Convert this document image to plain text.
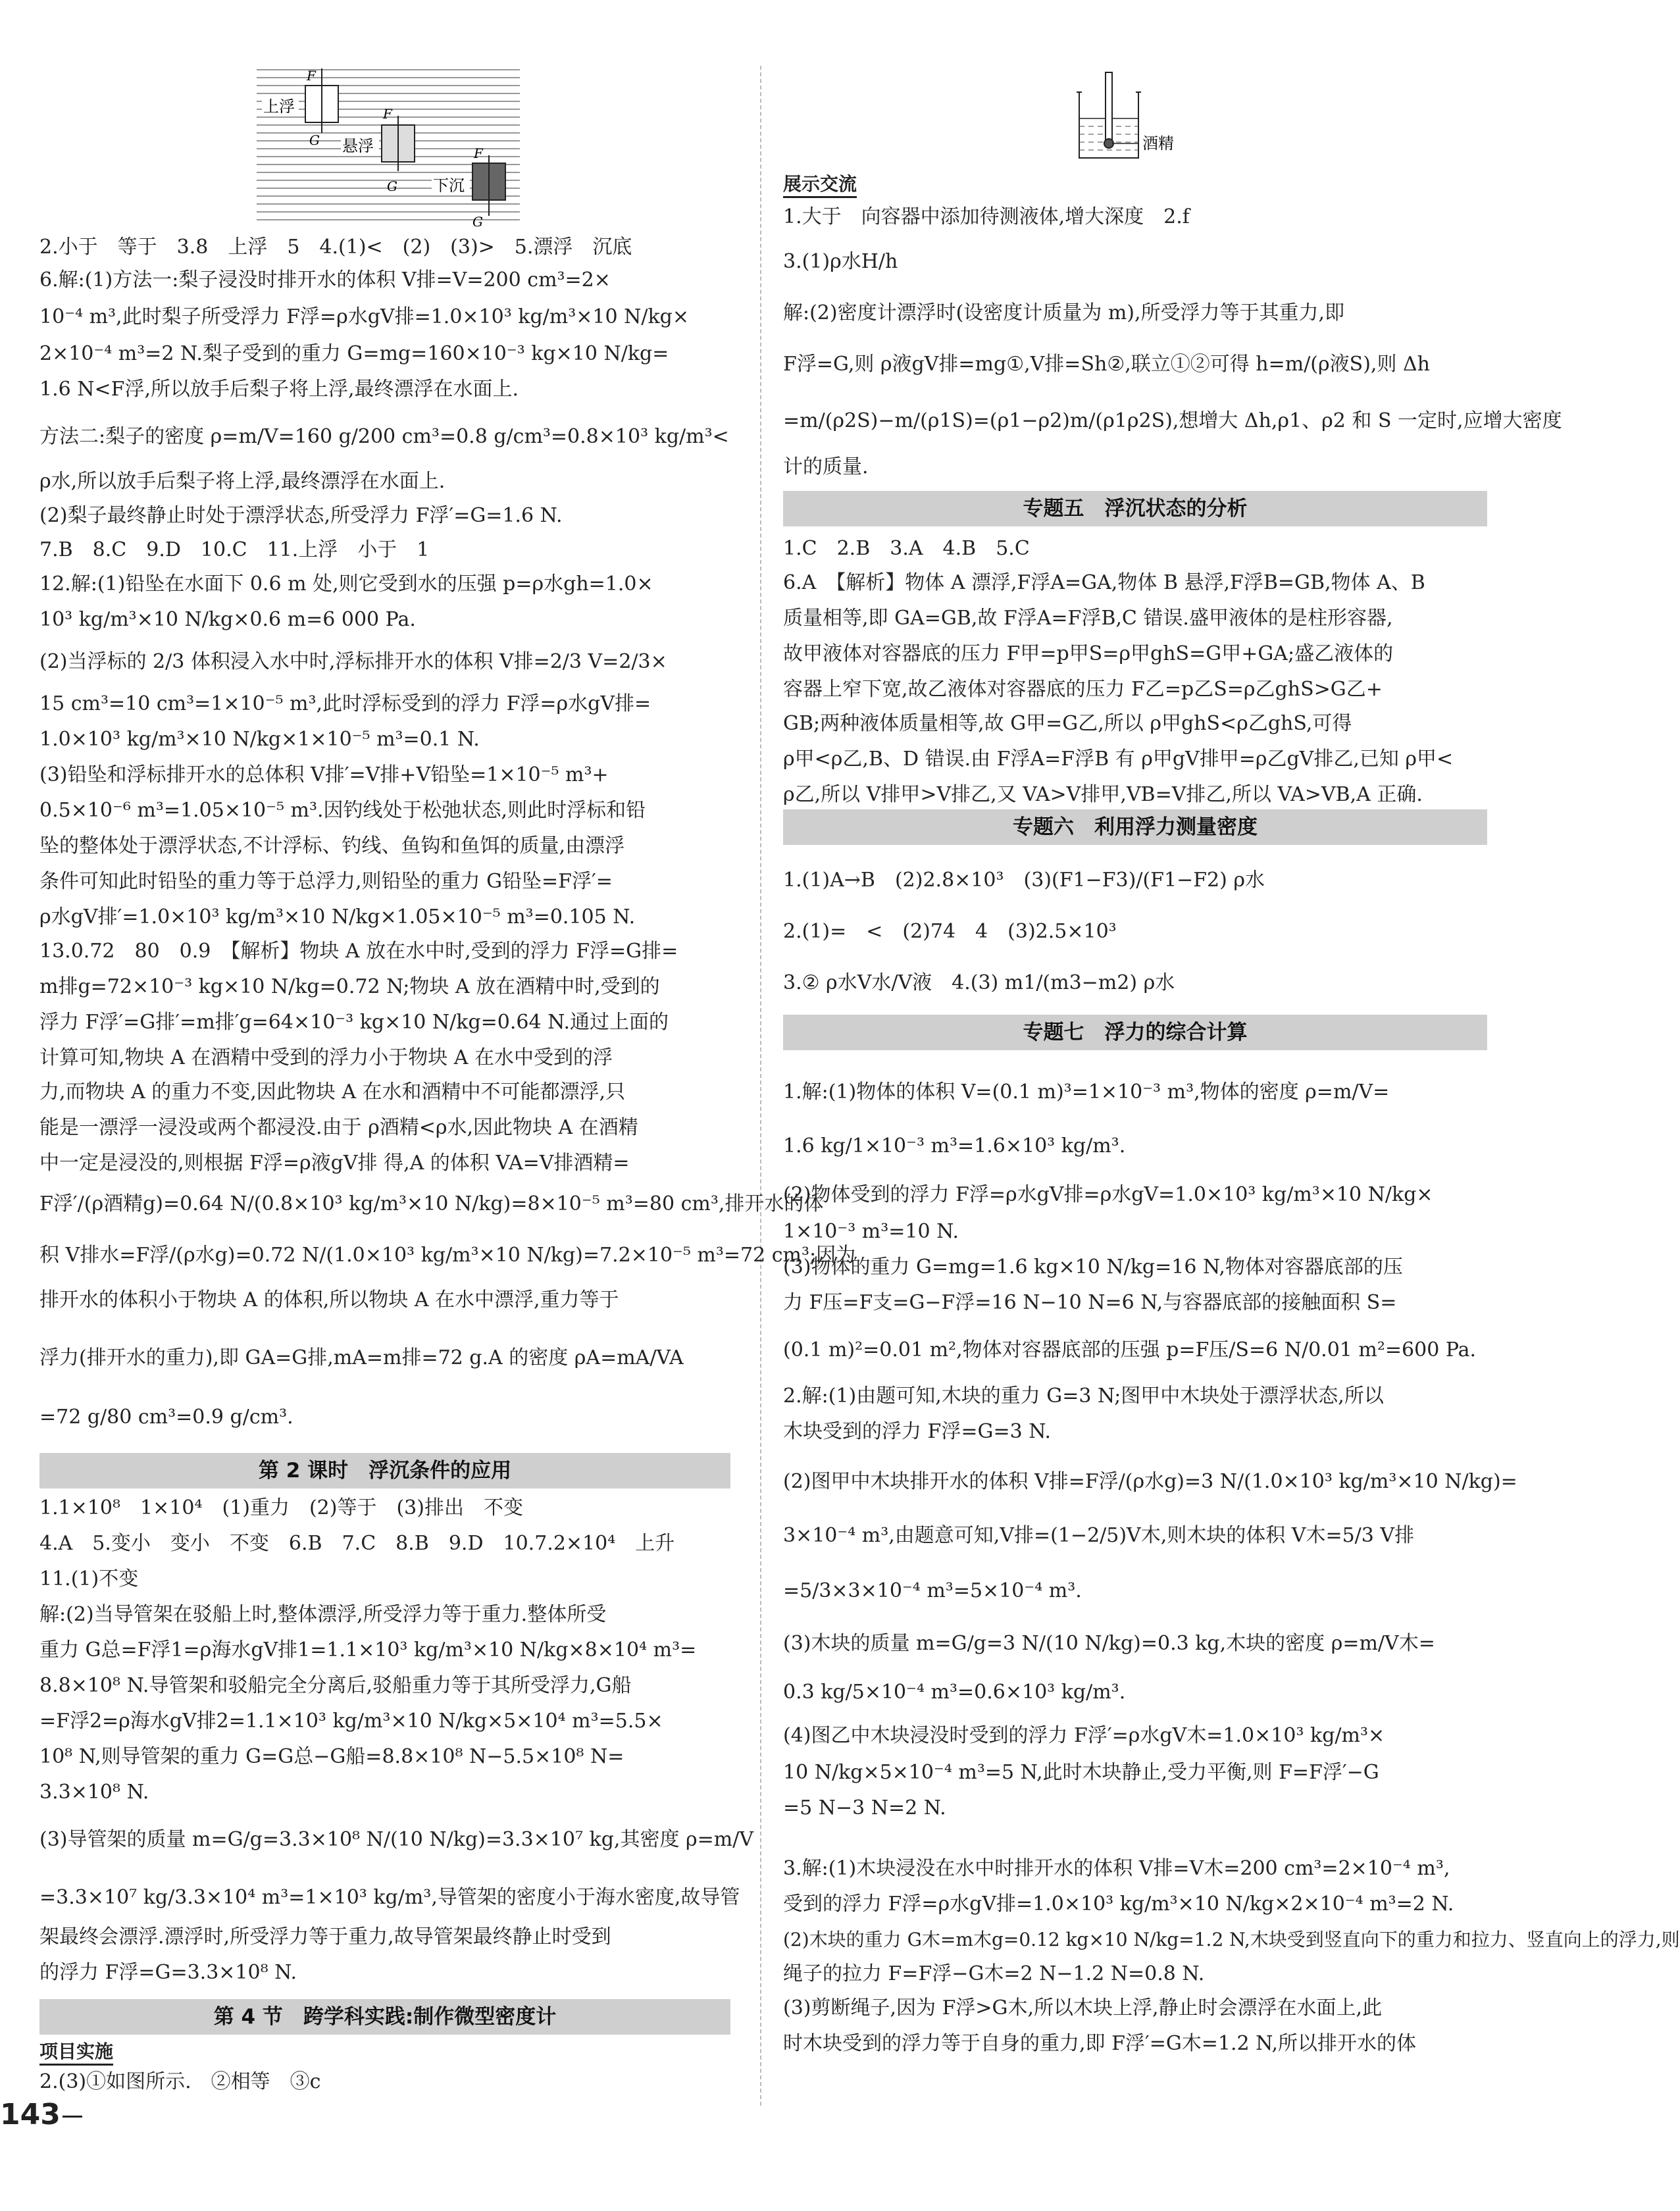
上浮
悬浮
下沉
F
G
F
G
F
G
酒精
2.小于　等于　3.8　上浮　5　4.(1)<　(2)　(3)>　5.漂浮　沉底
6.解:(1)方法一:梨子浸没时排开水的体积 V排=V=200 cm³=2×
10⁻⁴ m³,此时梨子所受浮力 F浮=ρ水gV排=1.0×10³ kg/m³×10 N/kg×
2×10⁻⁴ m³=2 N.梨子受到的重力 G=mg=160×10⁻³ kg×10 N/kg=
1.6 N<F浮,所以放手后梨子将上浮,最终漂浮在水面上.
方法二:梨子的密度 ρ=m/V=160 g/200 cm³=0.8 g/cm³=0.8×10³ kg/m³<
ρ水,所以放手后梨子将上浮,最终漂浮在水面上.
(2)梨子最终静止时处于漂浮状态,所受浮力 F浮′=G=1.6 N.
7.B　8.C　9.D　10.C　11.上浮　小于　1
12.解:(1)铅坠在水面下 0.6 m 处,则它受到水的压强 p=ρ水gh=1.0×
10³ kg/m³×10 N/kg×0.6 m=6 000 Pa.
(2)当浮标的 2/3 体积浸入水中时,浮标排开水的体积 V排=2/3 V=2/3×
15 cm³=10 cm³=1×10⁻⁵ m³,此时浮标受到的浮力 F浮=ρ水gV排=
1.0×10³ kg/m³×10 N/kg×1×10⁻⁵ m³=0.1 N.
(3)铅坠和浮标排开水的总体积 V排′=V排+V铅坠=1×10⁻⁵ m³+
0.5×10⁻⁶ m³=1.05×10⁻⁵ m³.因钓线处于松弛状态,则此时浮标和铅
坠的整体处于漂浮状态,不计浮标、钓线、鱼钩和鱼饵的质量,由漂浮
条件可知此时铅坠的重力等于总浮力,则铅坠的重力 G铅坠=F浮′=
ρ水gV排′=1.0×10³ kg/m³×10 N/kg×1.05×10⁻⁵ m³=0.105 N.
13.0.72　80　0.9　【解析】物块 A 放在水中时,受到的浮力 F浮=G排=
m排g=72×10⁻³ kg×10 N/kg=0.72 N;物块 A 放在酒精中时,受到的
浮力 F浮′=G排′=m排′g=64×10⁻³ kg×10 N/kg=0.64 N.通过上面的
计算可知,物块 A 在酒精中受到的浮力小于物块 A 在水中受到的浮
力,而物块 A 的重力不变,因此物块 A 在水和酒精中不可能都漂浮,只
能是一漂浮一浸没或两个都浸没.由于 ρ酒精<ρ水,因此物块 A 在酒精
中一定是浸没的,则根据 F浮=ρ液gV排 得,A 的体积 VA=V排酒精=
F浮′/(ρ酒精g)=0.64 N/(0.8×10³ kg/m³×10 N/kg)=8×10⁻⁵ m³=80 cm³,排开水的体
积 V排水=F浮/(ρ水g)=0.72 N/(1.0×10³ kg/m³×10 N/kg)=7.2×10⁻⁵ m³=72 cm³;因为
排开水的体积小于物块 A 的体积,所以物块 A 在水中漂浮,重力等于
浮力(排开水的重力),即 GA=G排,mA=m排=72 g.A 的密度 ρA=mA/VA
=72 g/80 cm³=0.9 g/cm³.
第 2 课时　浮沉条件的应用
1.1×10⁸　1×10⁴　(1)重力　(2)等于　(3)排出　不变
4.A　5.变小　变小　不变　6.B　7.C　8.B　9.D　10.7.2×10⁴　上升
11.(1)不变
解:(2)当导管架在驳船上时,整体漂浮,所受浮力等于重力.整体所受
重力 G总=F浮1=ρ海水gV排1=1.1×10³ kg/m³×10 N/kg×8×10⁴ m³=
8.8×10⁸ N.导管架和驳船完全分离后,驳船重力等于其所受浮力,G船
=F浮2=ρ海水gV排2=1.1×10³ kg/m³×10 N/kg×5×10⁴ m³=5.5×
10⁸ N,则导管架的重力 G=G总−G船=8.8×10⁸ N−5.5×10⁸ N=
3.3×10⁸ N.
(3)导管架的质量 m=G/g=3.3×10⁸ N/(10 N/kg)=3.3×10⁷ kg,其密度 ρ=m/V
=3.3×10⁷ kg/3.3×10⁴ m³=1×10³ kg/m³,导管架的密度小于海水密度,故导管
架最终会漂浮.漂浮时,所受浮力等于重力,故导管架最终静止时受到
的浮力 F浮=G=3.3×10⁸ N.
第 4 节　跨学科实践:制作微型密度计
项目实施
2.(3)①如图所示.　②相等　③c
展示交流
1.大于　向容器中添加待测液体,增大深度　2.f
3.(1)ρ水H/h
解:(2)密度计漂浮时(设密度计质量为 m),所受浮力等于其重力,即
F浮=G,则 ρ液gV排=mg①,V排=Sh②,联立①②可得 h=m/(ρ液S),则 Δh
=m/(ρ2S)−m/(ρ1S)=(ρ1−ρ2)m/(ρ1ρ2S),想增大 Δh,ρ1、ρ2 和 S 一定时,应增大密度
计的质量.
专题五　浮沉状态的分析
1.C　2.B　3.A　4.B　5.C
6.A　【解析】物体 A 漂浮,F浮A=GA,物体 B 悬浮,F浮B=GB,物体 A、B
质量相等,即 GA=GB,故 F浮A=F浮B,C 错误.盛甲液体的是柱形容器,
故甲液体对容器底的压力 F甲=p甲S=ρ甲ghS=G甲+GA;盛乙液体的
容器上窄下宽,故乙液体对容器底的压力 F乙=p乙S=ρ乙ghS>G乙+
GB;两种液体质量相等,故 G甲=G乙,所以 ρ甲ghS<ρ乙ghS,可得
ρ甲<ρ乙,B、D 错误.由 F浮A=F浮B 有 ρ甲gV排甲=ρ乙gV排乙,已知 ρ甲<
ρ乙,所以 V排甲>V排乙,又 VA>V排甲,VB=V排乙,所以 VA>VB,A 正确.
专题六　利用浮力测量密度
1.(1)A→B　(2)2.8×10³　(3)(F1−F3)/(F1−F2) ρ水
2.(1)=　<　(2)74　4　(3)2.5×10³
3.② ρ水V水/V液　4.(3) m1/(m3−m2) ρ水
专题七　浮力的综合计算
1.解:(1)物体的体积 V=(0.1 m)³=1×10⁻³ m³,物体的密度 ρ=m/V=
1.6 kg/1×10⁻³ m³=1.6×10³ kg/m³.
(2)物体受到的浮力 F浮=ρ水gV排=ρ水gV=1.0×10³ kg/m³×10 N/kg×
1×10⁻³ m³=10 N.
(3)物体的重力 G=mg=1.6 kg×10 N/kg=16 N,物体对容器底部的压
力 F压=F支=G−F浮=16 N−10 N=6 N,与容器底部的接触面积 S=
(0.1 m)²=0.01 m²,物体对容器底部的压强 p=F压/S=6 N/0.01 m²=600 Pa.
2.解:(1)由题可知,木块的重力 G=3 N;图甲中木块处于漂浮状态,所以
木块受到的浮力 F浮=G=3 N.
(2)图甲中木块排开水的体积 V排=F浮/(ρ水g)=3 N/(1.0×10³ kg/m³×10 N/kg)=
3×10⁻⁴ m³,由题意可知,V排=(1−2/5)V木,则木块的体积 V木=5/3 V排
=5/3×3×10⁻⁴ m³=5×10⁻⁴ m³.
(3)木块的质量 m=G/g=3 N/(10 N/kg)=0.3 kg,木块的密度 ρ=m/V木=
0.3 kg/5×10⁻⁴ m³=0.6×10³ kg/m³.
(4)图乙中木块浸没时受到的浮力 F浮′=ρ水gV木=1.0×10³ kg/m³×
10 N/kg×5×10⁻⁴ m³=5 N,此时木块静止,受力平衡,则 F=F浮′−G
=5 N−3 N=2 N.
3.解:(1)木块浸没在水中时排开水的体积 V排=V木=200 cm³=2×10⁻⁴ m³,
受到的浮力 F浮=ρ水gV排=1.0×10³ kg/m³×10 N/kg×2×10⁻⁴ m³=2 N.
(2)木块的重力 G木=m木g=0.12 kg×10 N/kg=1.2 N,木块受到竖直向下的重力和拉力、竖直向上的浮力,则
绳子的拉力 F=F浮−G木=2 N−1.2 N=0.8 N.
(3)剪断绳子,因为 F浮>G木,所以木块上浮,静止时会漂浮在水面上,此
时木块受到的浮力等于自身的重力,即 F浮′=G木=1.2 N,所以排开水的体
143
